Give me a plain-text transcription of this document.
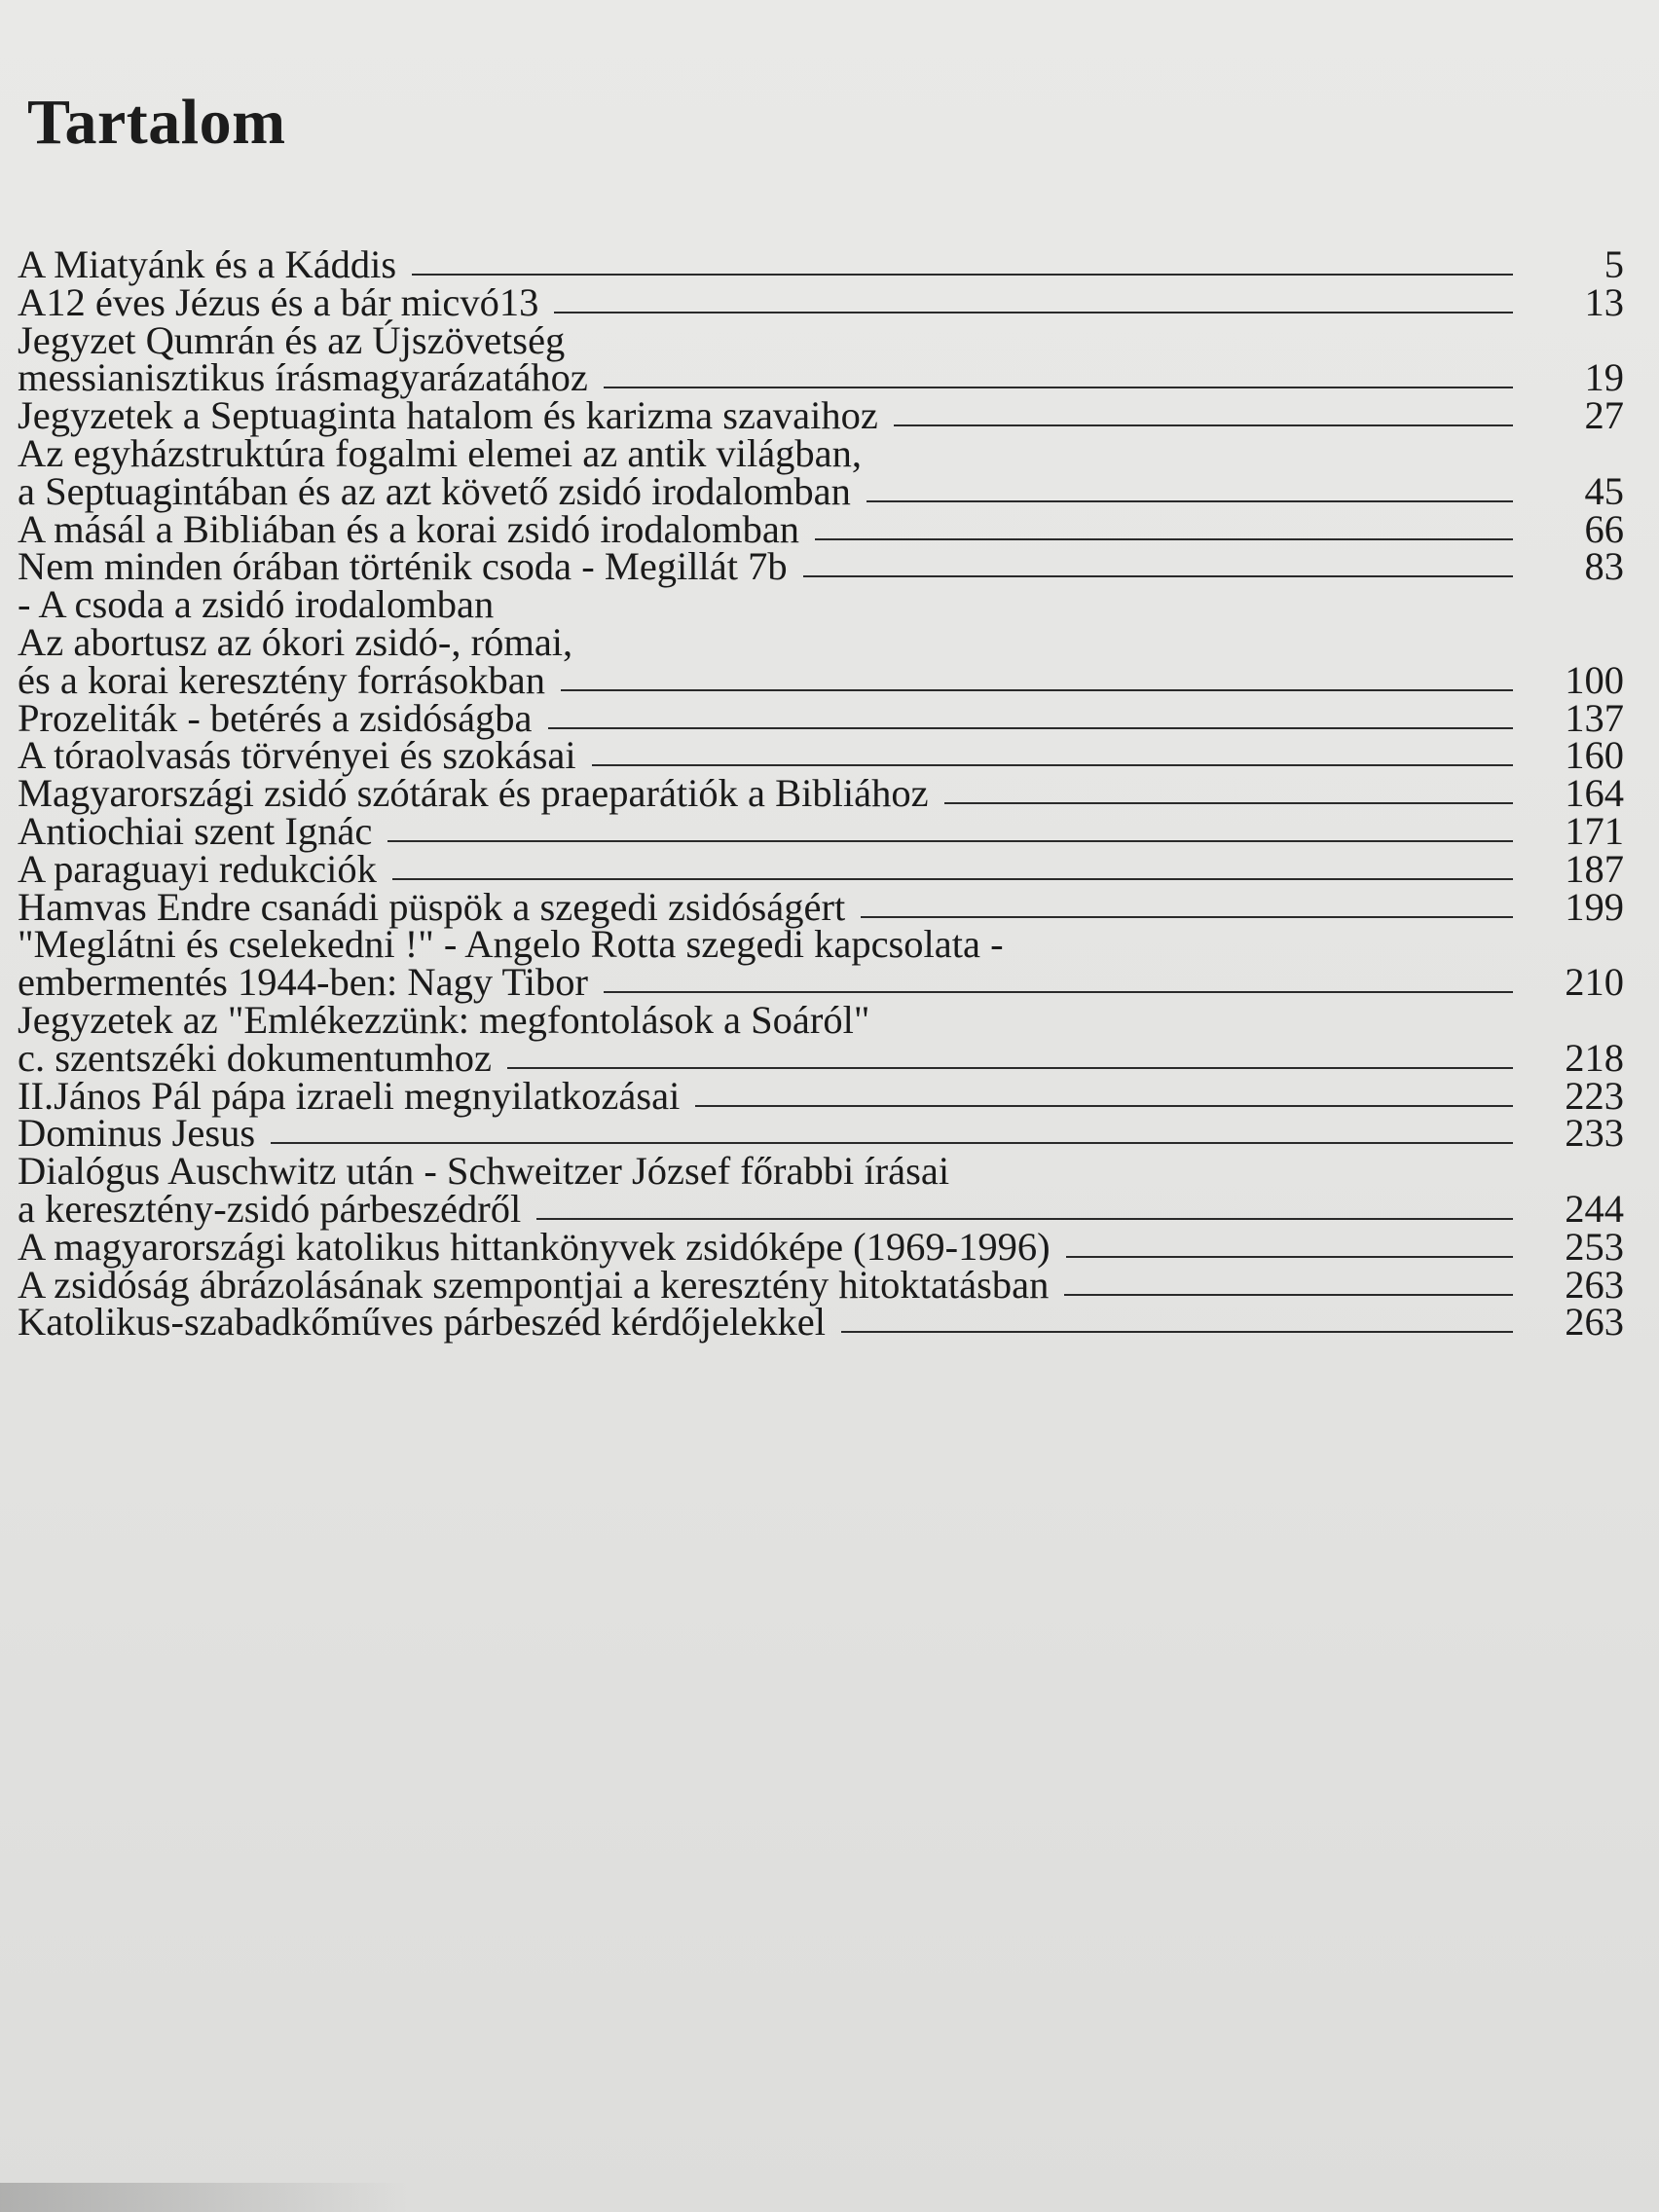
Tartalom
A Miatyánk és a Káddis	5
A12 éves Jézus és a bár micvó13	13
Jegyzet Qumrán és az Újszövetség
messianisztikus írásmagyarázatához	19
Jegyzetek a Septuaginta hatalom és karizma szavaihoz	27
Az egyházstruktúra fogalmi elemei az antik világban,
a Septuagintában és az azt követő zsidó irodalomban	45
A másál a Bibliában és a korai zsidó irodalomban	66
Nem minden órában történik csoda - Megillát 7b	83
- A csoda a zsidó irodalomban
Az abortusz az ókori zsidó-, római,
és a korai keresztény forrásokban	100
Prozeliták - betérés a zsidóságba	137
A tóraolvasás törvényei és szokásai	160
Magyarországi zsidó szótárak és praeparátiók a Bibliához	164
Antiochiai szent Ignác	171
A paraguayi redukciók	187
Hamvas Endre csanádi püspök a szegedi zsidóságért	199
"Meglátni és cselekedni !" - Angelo Rotta szegedi kapcsolata -
embermentés 1944-ben: Nagy Tibor	210
Jegyzetek az "Emlékezzünk: megfontolások a Soáról"
c. szentszéki dokumentumhoz	218
II.János Pál pápa izraeli megnyilatkozásai	223
Dominus Jesus	233
Dialógus Auschwitz után - Schweitzer József főrabbi írásai
a keresztény-zsidó párbeszédről	244
A magyarországi katolikus hittankönyvek zsidóképe (1969-1996)	253
A zsidóság ábrázolásának szempontjai a keresztény hitoktatásban	263
Katolikus-szabadkőműves párbeszéd kérdőjelekkel	263
